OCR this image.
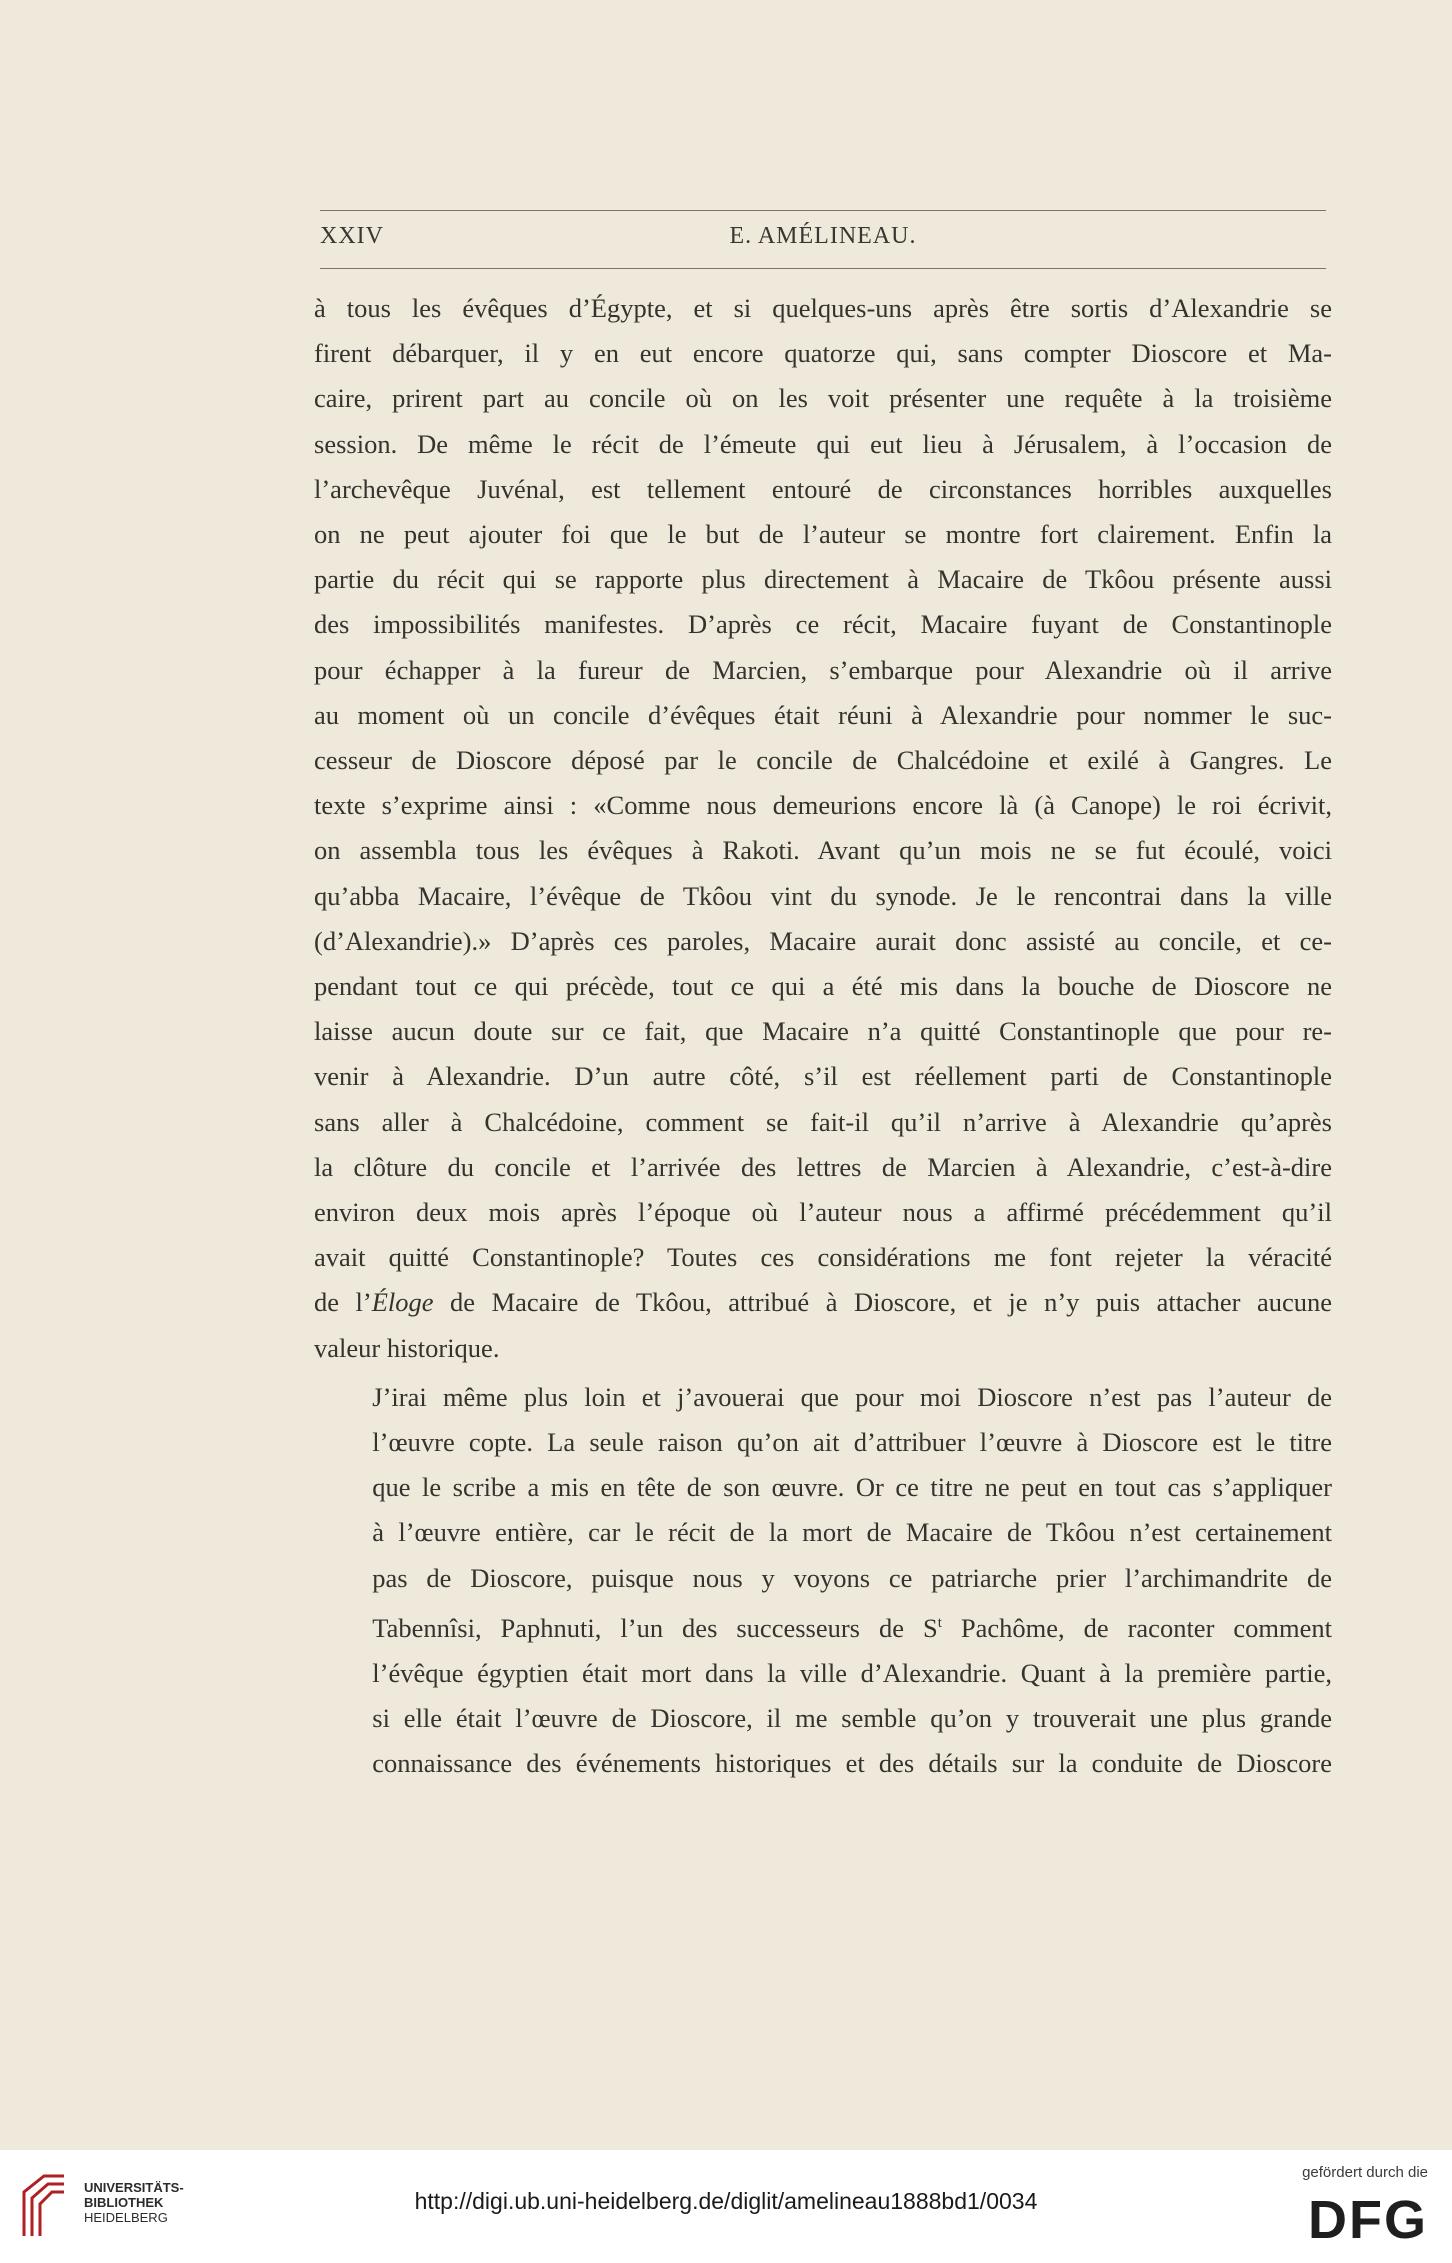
XXIV	E. AMÉLINEAU.

à tous les évêques d’Égypte, et si quelques-uns après être sortis d’Alexandrie se
firent débarquer, il y en eut encore quatorze qui, sans compter Dioscore et Ma-
caire, prirent part au concile où on les voit présenter une requête à la troisième
session. De même le récit de l’émeute qui eut lieu à Jérusalem, à l’occasion de
l’archevêque Juvénal, est tellement entouré de circonstances horribles auxquelles
on ne peut ajouter foi que le but de l’auteur se montre fort clairement. Enfin la
partie du récit qui se rapporte plus directement à Macaire de Tkôou présente aussi
des impossibilités manifestes. D’après ce récit, Macaire fuyant de Constantinople
pour échapper à la fureur de Marcien, s’embarque pour Alexandrie où il arrive
au moment où un concile d’évêques était réuni à Alexandrie pour nommer le suc-
cesseur de Dioscore déposé par le concile de Chalcédoine et exilé à Gangres. Le
texte s’exprime ainsi : «Comme nous demeurions encore là (à Canope) le roi écrivit,
on assembla tous les évêques à Rakoti. Avant qu’un mois ne se fut écoulé, voici
qu’abba Macaire, l’évêque de Tkôou vint du synode. Je le rencontrai dans la ville
(d’Alexandrie).» D’après ces paroles, Macaire aurait donc assisté au concile, et ce-
pendant tout ce qui précède, tout ce qui a été mis dans la bouche de Dioscore ne
laisse aucun doute sur ce fait, que Macaire n’a quitté Constantinople que pour re-
venir à Alexandrie. D’un autre côté, s’il est réellement parti de Constantinople
sans aller à Chalcédoine, comment se fait-il qu’il n’arrive à Alexandrie qu’après
la clôture du concile et l’arrivée des lettres de Marcien à Alexandrie, c’est-à-dire
environ deux mois après l’époque où l’auteur nous a affirmé précédemment qu’il
avait quitté Constantinople? Toutes ces considérations me font rejeter la véracité
de l’Éloge de Macaire de Tkôou, attribué à Dioscore, et je n’y puis attacher aucune
valeur historique.

J’irai même plus loin et j’avouerai que pour moi Dioscore n’est pas l’auteur de
l’œuvre copte. La seule raison qu’on ait d’attribuer l’œuvre à Dioscore est le titre
que le scribe a mis en tête de son œuvre. Or ce titre ne peut en tout cas s’appliquer
à l’œuvre entière, car le récit de la mort de Macaire de Tkôou n’est certainement
pas de Dioscore, puisque nous y voyons ce patriarche prier l’archimandrite de
Tabennîsi, Paphnuti, l’un des successeurs de $S^t$ Pachôme, de raconter comment
l’évêque égyptien était mort dans la ville d’Alexandrie. Quant à la première partie,
si elle était l’œuvre de Dioscore, il me semble qu’on y trouverait une plus grande
connaissance des événements historiques et des détails sur la conduite de Dioscore

UNIVERSITÄTS-
BIBLIOTHEK
HEIDELBERG
http://digi.ub.uni-heidelberg.de/diglit/amelineau1888bd1/0034
gefördert durch die
DFG
